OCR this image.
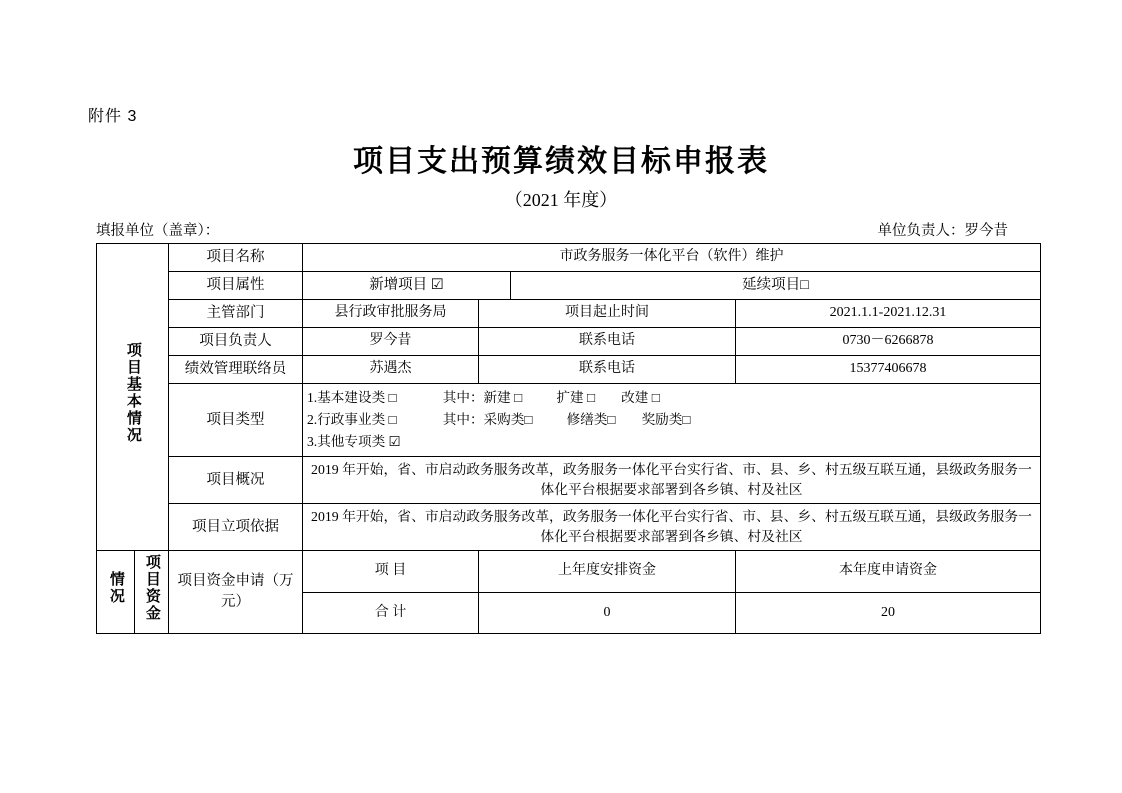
附件 3
项目支出预算绩效目标申报表
（2021 年度）
填报单位（盖章）：	单位负责人：罗今昔
项目基本情况		项目名称	市政务服务一体化平台（软件）维护			
		项目属性	新增项目 ☑		延续项目□	
		主管部门	县行政审批服务局	项目起止时间		2021.1.1-2021.12.31
		项目负责人	罗今昔	联系电话		0730－6266878
		绩效管理联络员	苏遇杰	联系电话		15377406678
		项目类型	1.基本建设类 □ 其中：新建 □ 扩建 □ 改建 □
2.行政事业类 □ 其中：采购类□ 修缮类□ 奖励类□
3.其他专项类 ☑			

		项目概况	2019 年开始，省、市启动政务服务改革，政务服务一体化平台实行省、市、县、乡、村五级互联互通，县级政务服务一体化平台根据要求部署到各乡镇、村及社区			
		项目立项依据	2019 年开始，省、市启动政务服务改革，政务服务一体化平台实行省、市、县、乡、村五级互联互通，县级政务服务一体化平台根据要求部署到各乡镇、村及社区			
情况	项目资金	项目资金申请（万元）	项 目	上年度安排资金		本年度申请资金
			合 计	0		20
